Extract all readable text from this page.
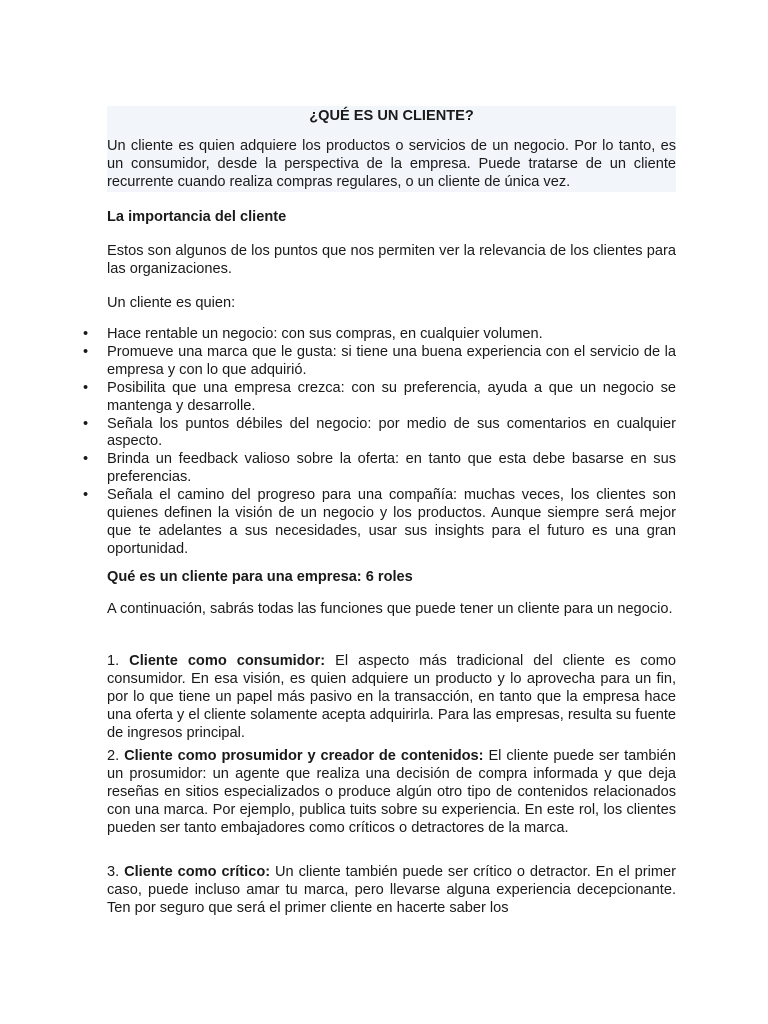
¿QUÉ ES UN CLIENTE?

Un cliente es quien adquiere los productos o servicios de un negocio. Por lo tanto, es un consumidor, desde la perspectiva de la empresa. Puede tratarse de un cliente recurrente cuando realiza compras regulares, o un cliente de única vez.

La importancia del cliente

Estos son algunos de los puntos que nos permiten ver la relevancia de los clientes para las organizaciones.

Un cliente es quien:

• Hace rentable un negocio: con sus compras, en cualquier volumen.
• Promueve una marca que le gusta: si tiene una buena experiencia con el servicio de la empresa y con lo que adquirió.
• Posibilita que una empresa crezca: con su preferencia, ayuda a que un negocio se mantenga y desarrolle.
• Señala los puntos débiles del negocio: por medio de sus comentarios en cualquier aspecto.
• Brinda un feedback valioso sobre la oferta: en tanto que esta debe basarse en sus preferencias.
• Señala el camino del progreso para una compañía: muchas veces, los clientes son quienes definen la visión de un negocio y los productos. Aunque siempre será mejor que te adelantes a sus necesidades, usar sus insights para el futuro es una gran oportunidad.
Qué es un cliente para una empresa: 6 roles

A continuación, sabrás todas las funciones que puede tener un cliente para un negocio.

1. Cliente como consumidor: El aspecto más tradicional del cliente es como consumidor. En esa visión, es quien adquiere un producto y lo aprovecha para un fin, por lo que tiene un papel más pasivo en la transacción, en tanto que la empresa hace una oferta y el cliente solamente acepta adquirirla. Para las empresas, resulta su fuente de ingresos principal.

2. Cliente como prosumidor y creador de contenidos: El cliente puede ser también un prosumidor: un agente que realiza una decisión de compra informada y que deja reseñas en sitios especializados o produce algún otro tipo de contenidos relacionados con una marca. Por ejemplo, publica tuits sobre su experiencia. En este rol, los clientes pueden ser tanto embajadores como críticos o detractores de la marca.

3. Cliente como crítico: Un cliente también puede ser crítico o detractor. En el primer caso, puede incluso amar tu marca, pero llevarse alguna experiencia decepcionante. Ten por seguro que será el primer cliente en hacerte saber los
